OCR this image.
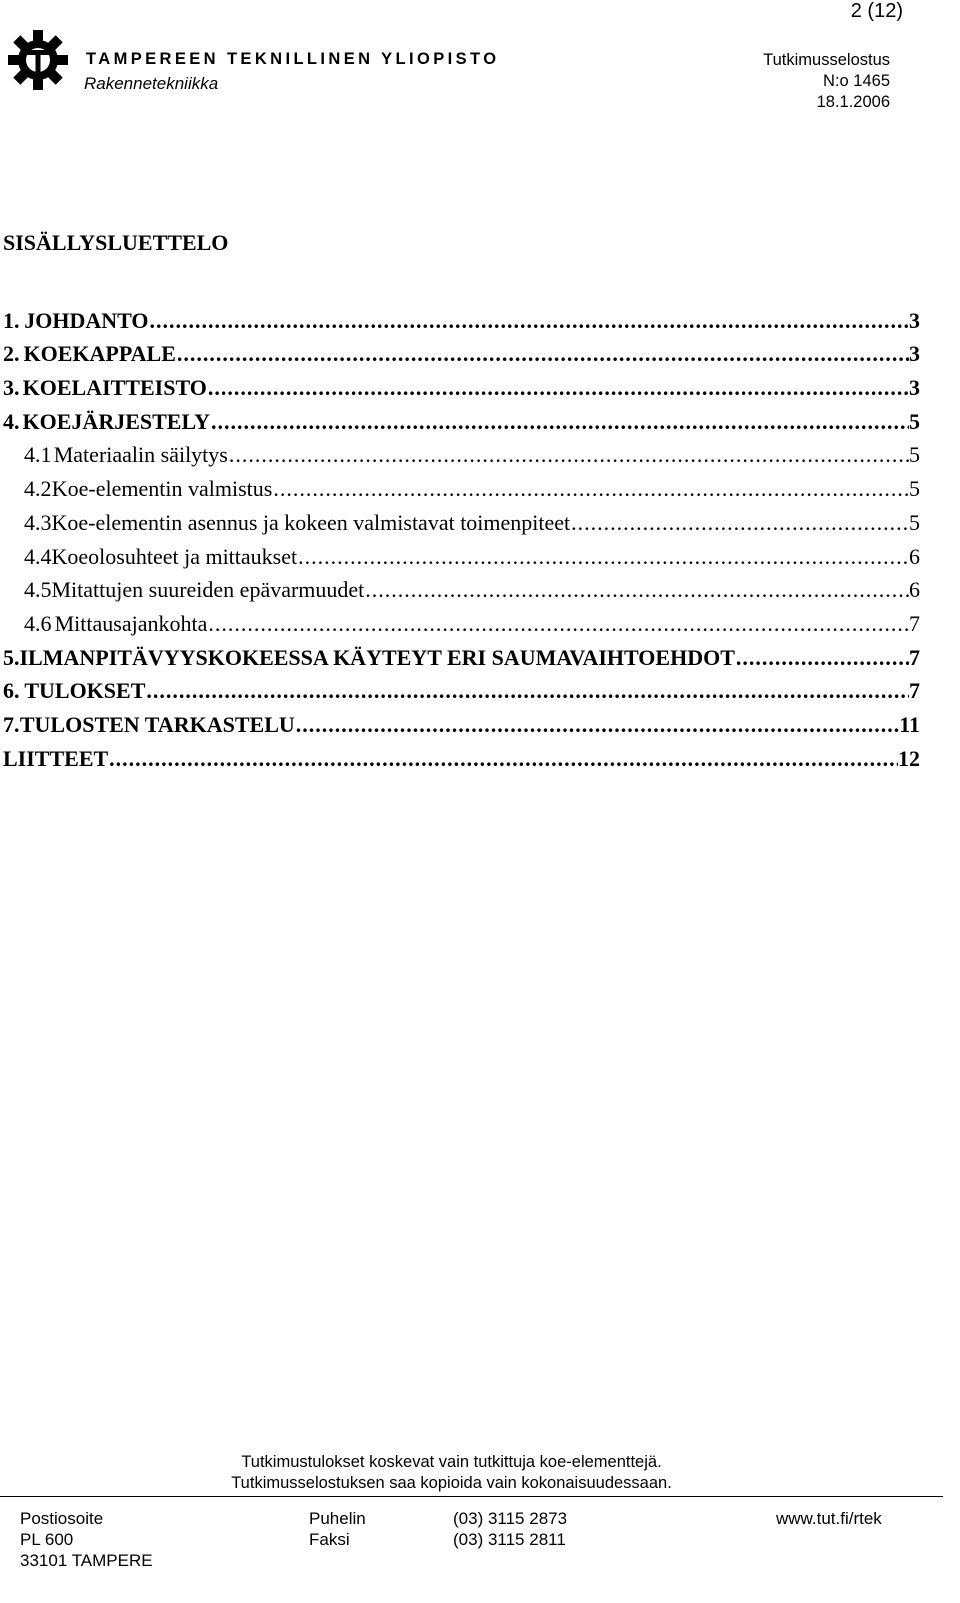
2 (12)
TAMPEREEN TEKNILLINEN YLIOPISTO
Rakennetekniikka
Tutkimusselostus
N:o 1465
18.1.2006
SISÄLLYSLUETTELO
1. JOHDANTO .....	3
2. KOEKAPPALE .....	3
3. KOELAITTEISTO .....	3
4. KOEJÄRJESTELY .....	5
4.1 Materiaalin säilytys .....	5
4.2 Koe-elementin valmistus .....	5
4.3 Koe-elementin asennus ja kokeen valmistavat toimenpiteet .....	5
4.4 Koeolosuhteet ja mittaukset .....	6
4.5 Mitattujen suureiden epävarmuudet .....	6
4.6 Mittausajankohta .....	7
5. ILMANPITÄVYYSKOKEESSA KÄYTEYT ERI SAUMAVAIHTOEHDOT .....	7
6. TULOKSET .....	7
7. TULOSTEN TARKASTELU .....	11
LIITTEET .....	12
Tutkimustulokset koskevat vain tutkittuja koe-elementtejä.
Tutkimusselostuksen saa kopioida vain kokonaisuudessaan.
Postiosoite
PL 600
33101 TAMPERE
Puhelin
Faksi
(03) 3115 2873
(03) 3115 2811
www.tut.fi/rtek
